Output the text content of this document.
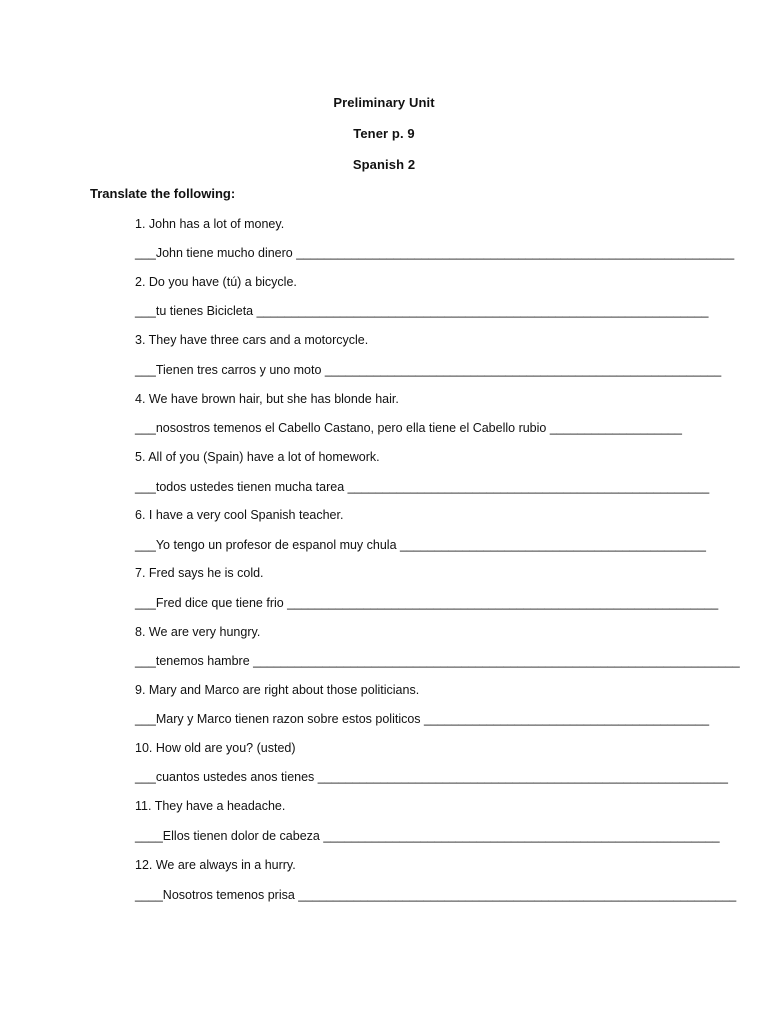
Preliminary Unit
Tener p. 9
Spanish 2
Translate the following:
1. John has a lot of money.
___John tiene mucho dinero _______________________________________________________________
2. Do you have (tú) a bicycle.
___tu tienes Bicicleta _________________________________________________________________
3. They have three cars and a motorcycle.
___Tienen tres carros y uno moto _________________________________________________________
4. We have brown hair, but she has blonde hair.
___nosostros temenos el Cabello Castano, pero ella tiene el Cabello rubio ___________________
5. All of you (Spain) have a lot of homework.
___todos ustedes tienen mucha tarea ____________________________________________________
6. I have a very cool Spanish teacher.
___Yo tengo un profesor de espanol muy chula ____________________________________________
7. Fred says he is cold.
___Fred dice que tiene frio ______________________________________________________________
8. We are very hungry.
___tenemos hambre ______________________________________________________________________
9. Mary and Marco are right about those politicians.
___Mary y Marco tienen razon sobre estos politicos _________________________________________
10. How old are you? (usted)
___cuantos ustedes anos tienes ___________________________________________________________
11. They have a headache.
____Ellos tienen dolor de cabeza _________________________________________________________
12. We are always in a hurry.
____Nosotros temenos prisa _______________________________________________________________
